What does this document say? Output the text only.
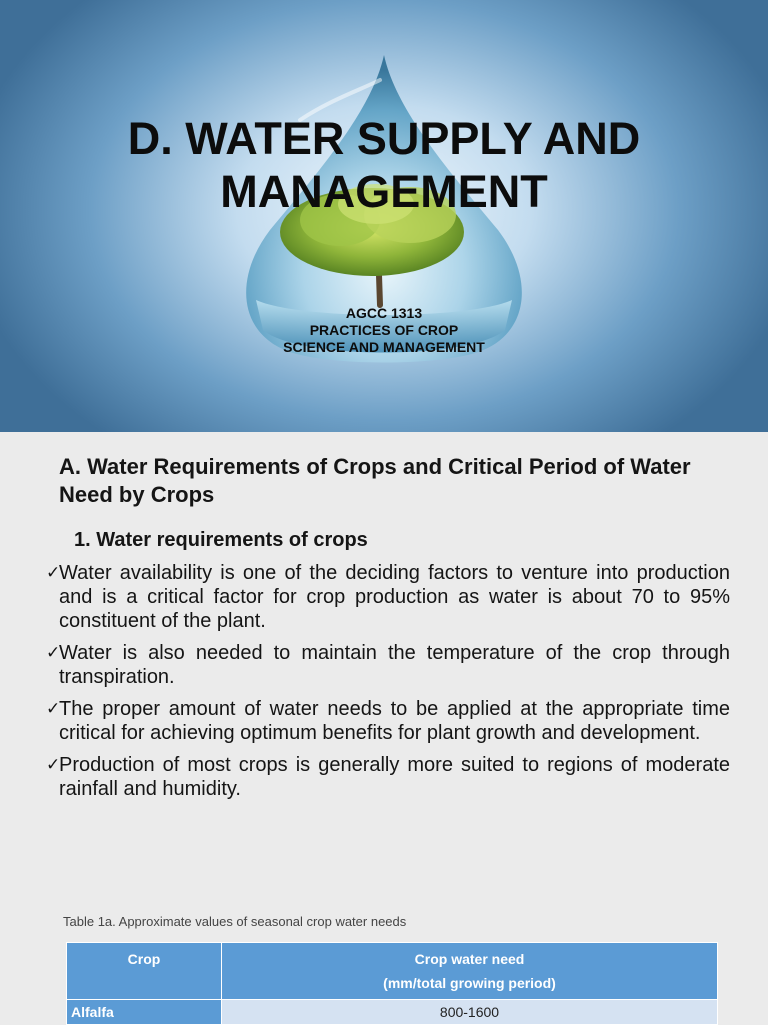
D. WATER SUPPLY AND MANAGEMENT
AGCC 1313
PRACTICES OF CROP
SCIENCE AND MANAGEMENT
A. Water Requirements of Crops and Critical Period of Water Need by Crops
1. Water requirements of crops
✓
Water availability is one of the deciding factors to venture into production and is a critical factor for crop production as water is about 70 to 95% constituent of the plant.
✓
Water is also needed to maintain the temperature of the crop through transpiration.
✓
The proper amount of water needs to be applied at the appropriate time critical for achieving optimum benefits for plant growth and development.
✓
Production of most crops is generally more suited to regions of moderate rainfall and humidity.

Table 1a. Approximate values of seasonal crop water needs

Crop	Crop water need
(mm/total growing period)

Alfalfa	800-1600
